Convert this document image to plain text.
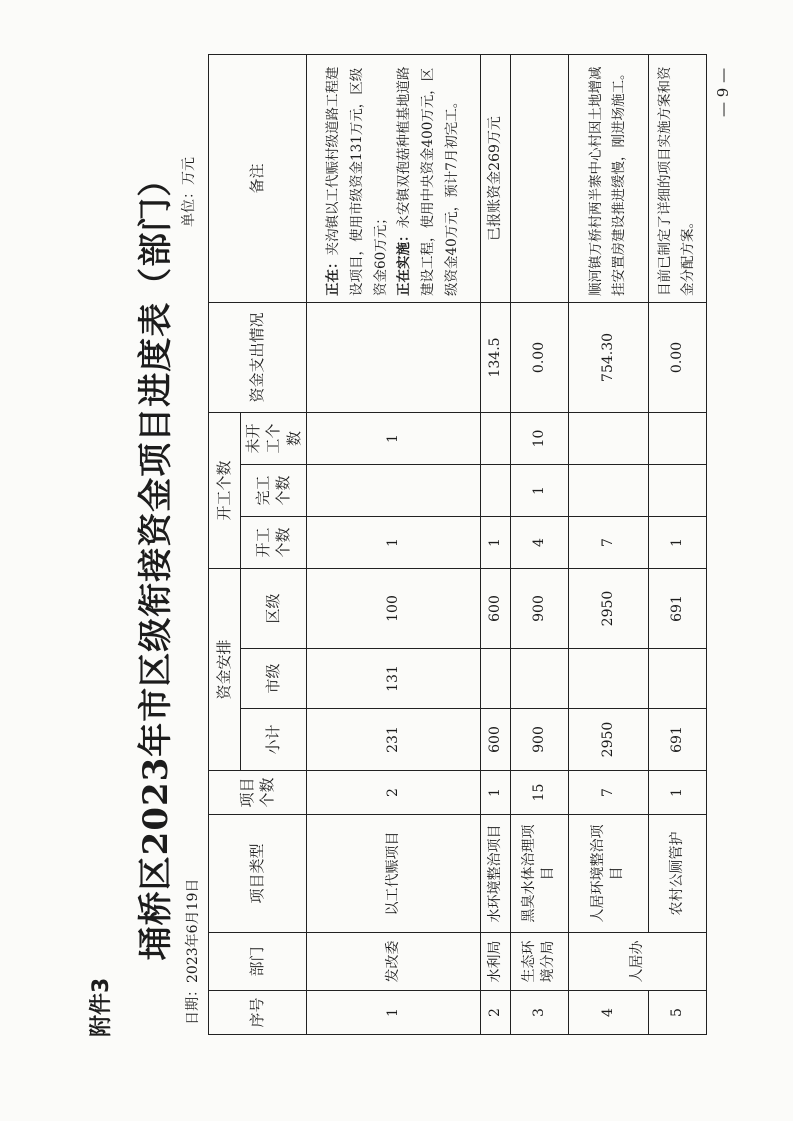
附件3
埇桥区2023年市区级衔接资金项目进度表（部门） 日期：2023年6月19日
单位：万元
序号	部门	项目类型	项目个数	资金安排			开工个数			资金支出情况	备注
				小计	市级	区级	开工个数	完工个数	未开工个数		
1	发改委	以工代赈项目	2	231	131	100	1		1		正在：夹沟镇以工代赈村级道路工程建设项目，使用市级资金131万元，区级资金60万元； 正在实施：永安镇双孢菇种植基地道路建设工程，使用中央资金400万元，区级资金40万元，预计7月初完工。
2	水利局	水环境整治项目	1	600		600	1			134.5	已报账资金269万元
3	生态环境分局	黑臭水体治理项目	15	900		900	4	1	10	0.00	
4	人居办	人居环境整治项目	7	2950		2950	7			754.30	顺河镇万桥村两半寨中心村因土地增减挂安置房建设推进缓慢，刚进场施工。
5		农村公厕管护	1	691		691	1			0.00	目前已制定了详细的项目实施方案和资金分配方案。
— 9 —
